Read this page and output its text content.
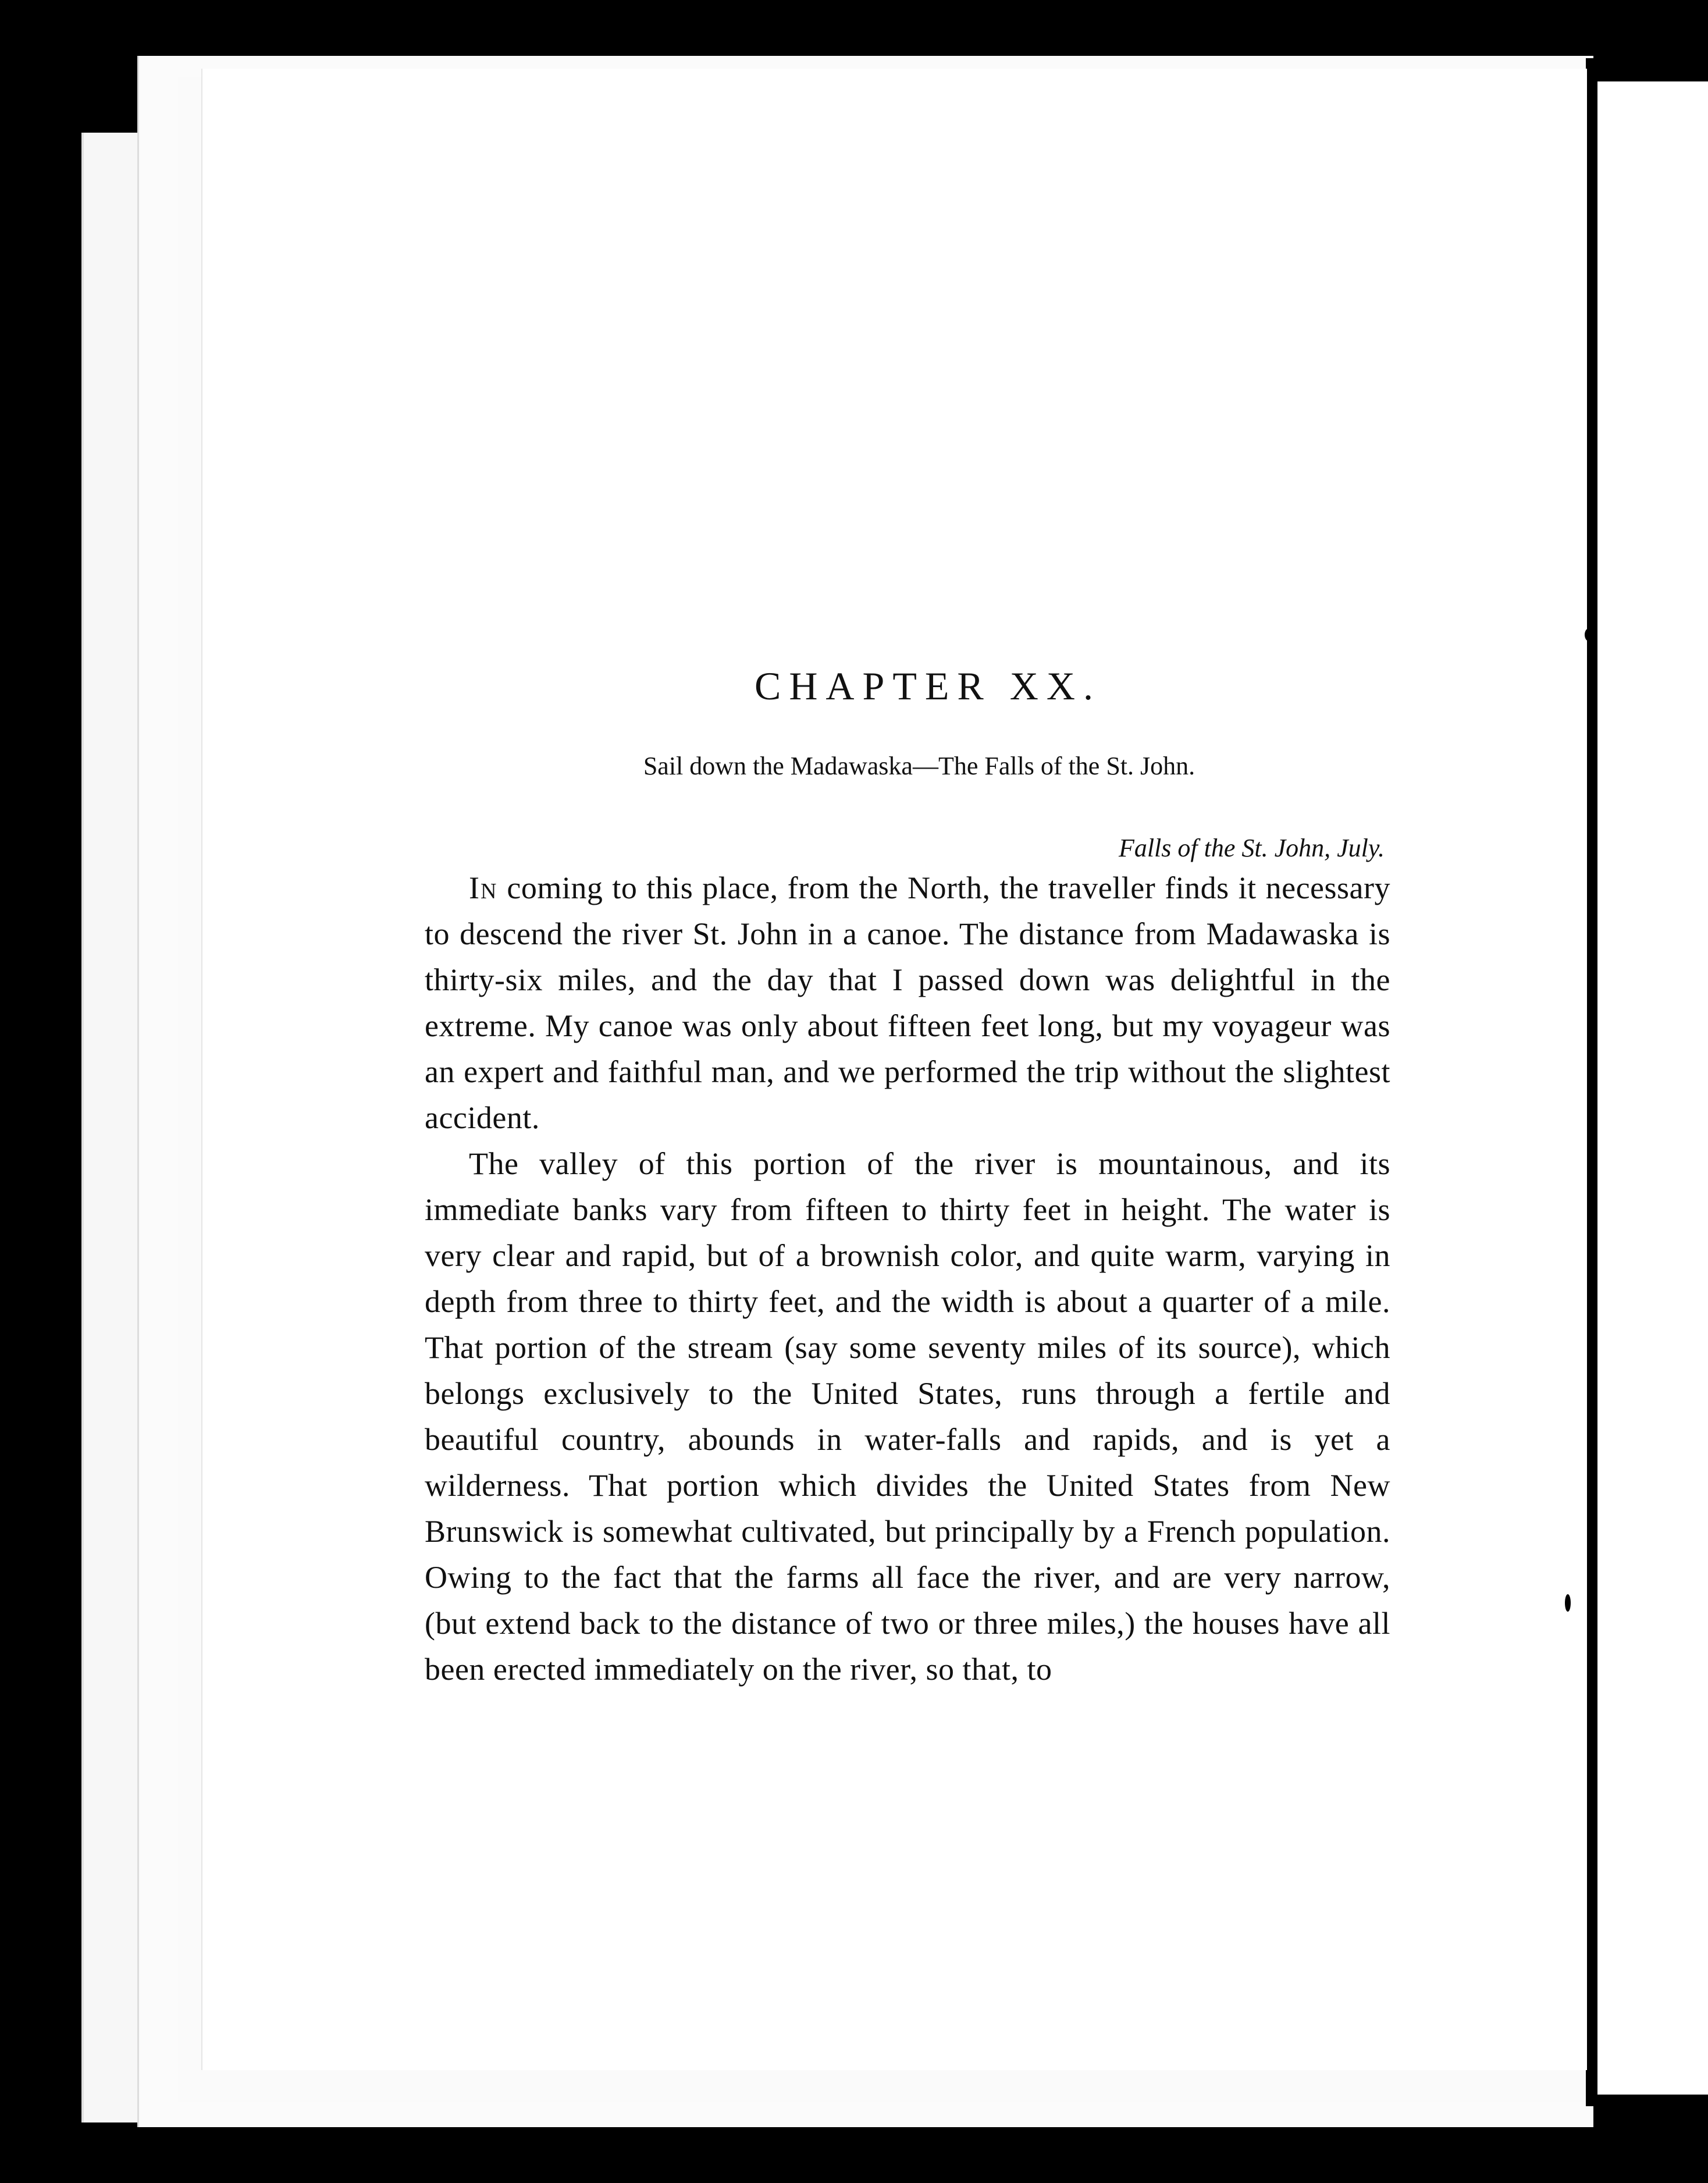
CHAPTER XX.

Sail down the Madawaska—The Falls of the St. John.

Falls of the St. John, July.

In coming to this place, from the North, the traveller finds it necessary to descend the river St. John in a canoe. The distance from Madawaska is thirty-six miles, and the day that I passed down was delightful in the extreme. My canoe was only about fifteen feet long, but my voyageur was an expert and faithful man, and we performed the trip without the slightest accident.

The valley of this portion of the river is mountainous, and its immediate banks vary from fifteen to thirty feet in height. The water is very clear and rapid, but of a brownish color, and quite warm, varying in depth from three to thirty feet, and the width is about a quarter of a mile. That portion of the stream (say some seventy miles of its source), which belongs exclusively to the United States, runs through a fertile and beautiful country, abounds in water-falls and rapids, and is yet a wilderness. That portion which divides the United States from New Brunswick is somewhat cultivated, but principally by a French population. Owing to the fact that the farms all face the river, and are very narrow, (but extend back to the distance of two or three miles,) the houses have all been erected immediately on the river, so that, to
